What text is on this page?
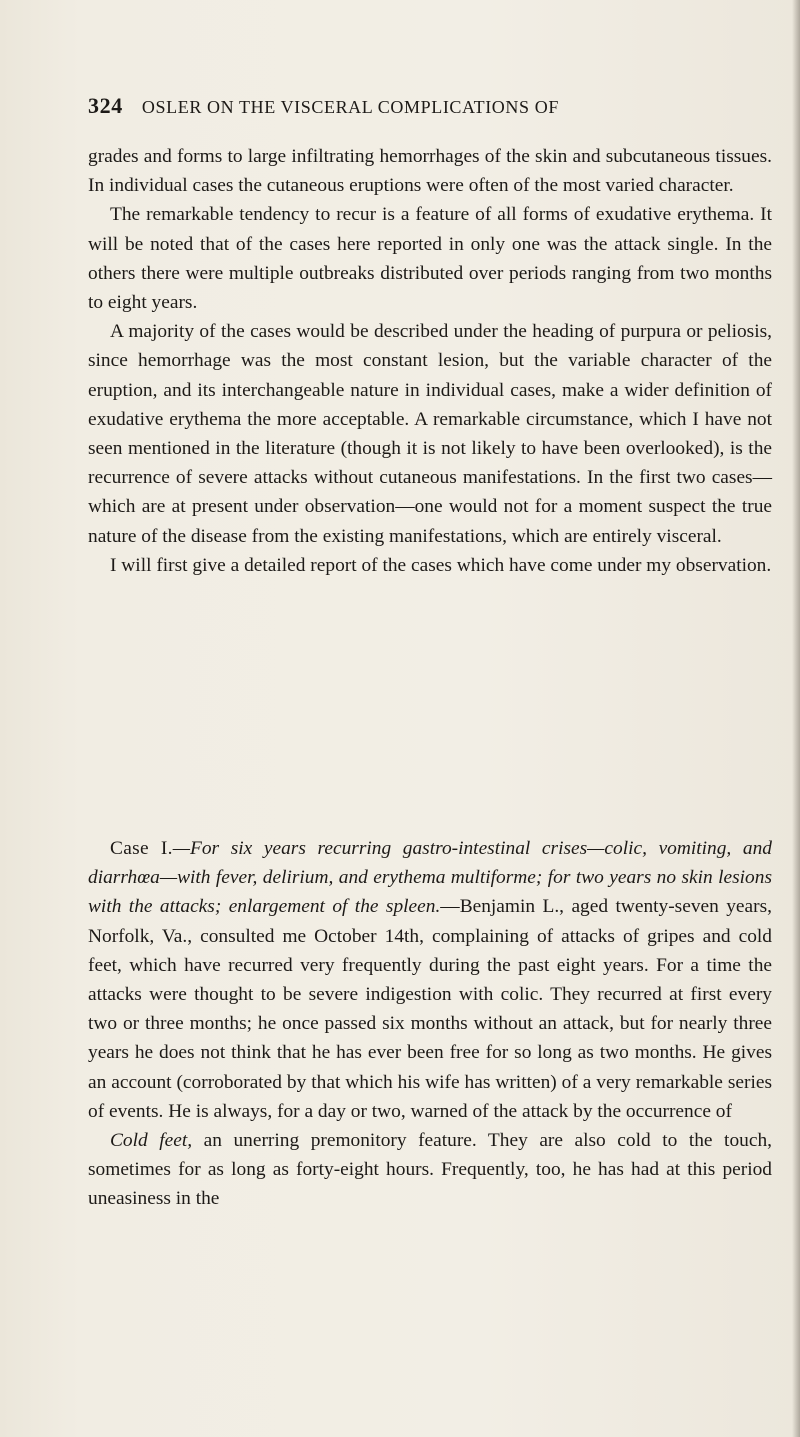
324 OSLER ON THE VISCERAL COMPLICATIONS OF

grades and forms to large infiltrating hemorrhages of the skin and subcutaneous tissues. In individual cases the cutaneous eruptions were often of the most varied character.

The remarkable tendency to recur is a feature of all forms of exudative erythema. It will be noted that of the cases here reported in only one was the attack single. In the others there were multiple outbreaks distributed over periods ranging from two months to eight years.

A majority of the cases would be described under the heading of purpura or peliosis, since hemorrhage was the most constant lesion, but the variable character of the eruption, and its interchangeable nature in individual cases, make a wider definition of exudative erythema the more acceptable. A remarkable circumstance, which I have not seen mentioned in the literature (though it is not likely to have been overlooked), is the recurrence of severe attacks without cutaneous manifestations. In the first two cases—which are at present under observation—one would not for a moment suspect the true nature of the disease from the existing manifestations, which are entirely visceral.

I will first give a detailed report of the cases which have come under my observation.

Case I.—For six years recurring gastro-intestinal crises—colic, vomiting, and diarrhœa—with fever, delirium, and erythema multiforme; for two years no skin lesions with the attacks; enlargement of the spleen.—Benjamin L., aged twenty-seven years, Norfolk, Va., consulted me October 14th, complaining of attacks of gripes and cold feet, which have recurred very frequently during the past eight years. For a time the attacks were thought to be severe indigestion with colic. They recurred at first every two or three months; he once passed six months without an attack, but for nearly three years he does not think that he has ever been free for so long as two months. He gives an account (corroborated by that which his wife has written) of a very remarkable series of events. He is always, for a day or two, warned of the attack by the occurrence of

Cold feet, an unerring premonitory feature. They are also cold to the touch, sometimes for as long as forty-eight hours. Frequently, too, he has had at this period uneasiness in the
